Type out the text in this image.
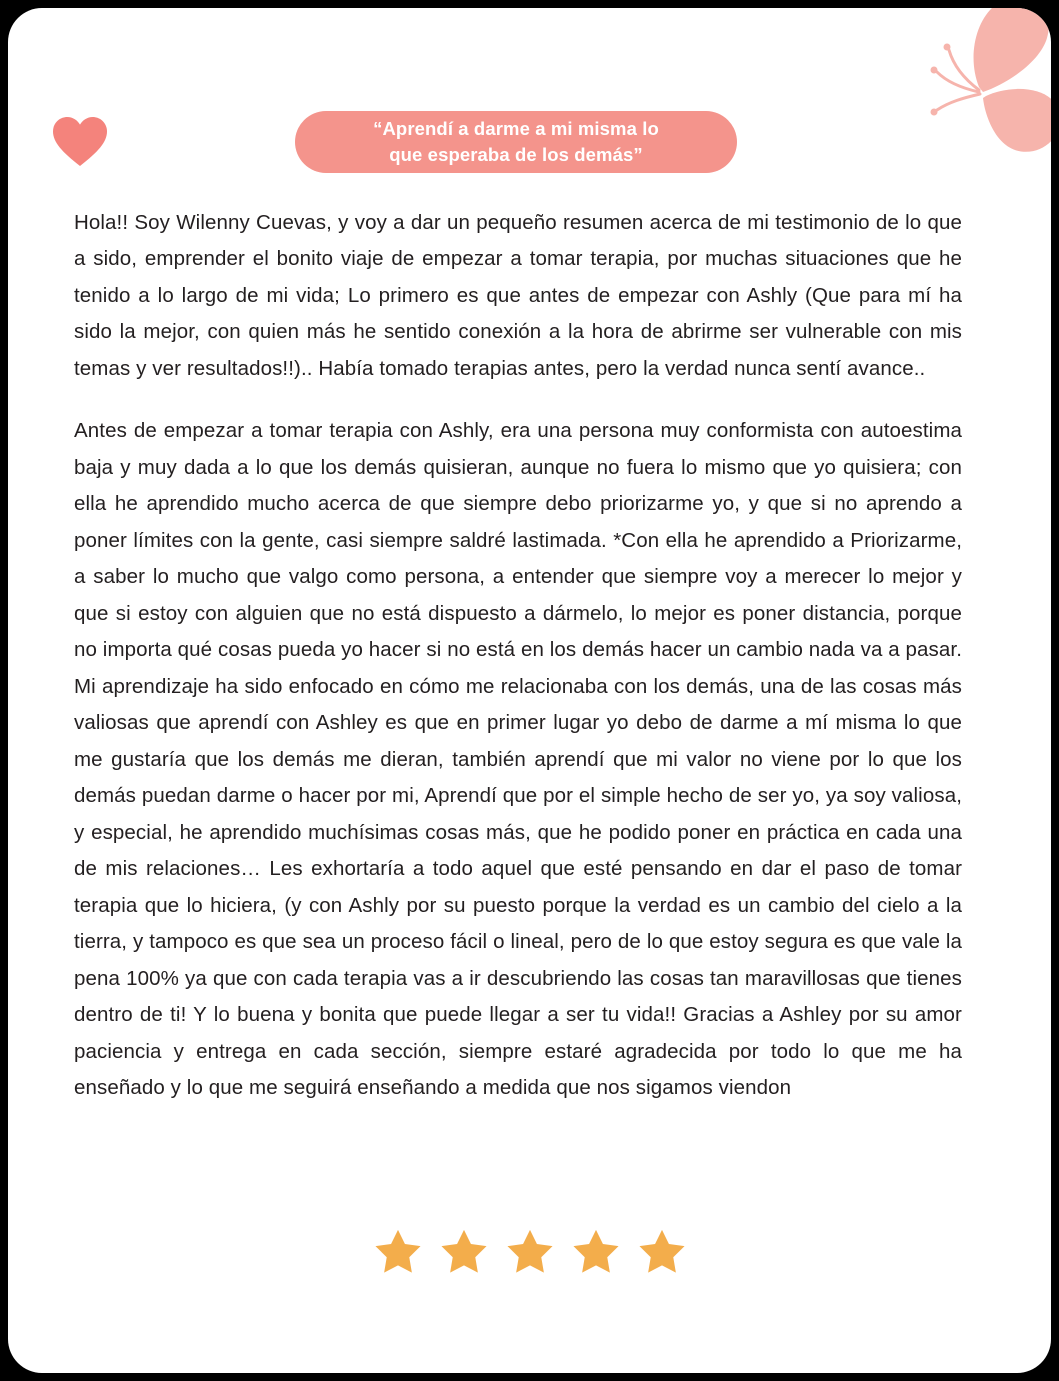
“Aprendí a darme a mi misma lo
que esperaba de los demás”

Hola!! Soy Wilenny Cuevas, y voy a dar un pequeño resumen acerca de mi testimonio de lo que a sido, emprender el bonito viaje de empezar a tomar terapia, por muchas situaciones que he tenido a lo largo de mi vida; Lo primero es que antes de empezar con Ashly (Que para mí ha sido la mejor, con quien más he sentido conexión a la hora de abrirme ser vulnerable con mis temas y ver resultados!!).. Había tomado terapias antes, pero la verdad nunca sentí avance..

Antes de empezar a tomar terapia con Ashly, era una persona muy conformista con autoestima baja y muy dada a lo que los demás quisieran, aunque no fuera lo mismo que yo quisiera; con ella he aprendido mucho acerca de que siempre debo priorizarme yo, y que si no aprendo a poner límites con la gente, casi siempre saldré lastimada. *Con ella he aprendido a Priorizarme, a saber lo mucho que valgo como persona, a entender que siempre voy a merecer lo mejor y que si estoy con alguien que no está dispuesto a dármelo, lo mejor es poner distancia, porque no importa qué cosas pueda yo hacer si no está en los demás hacer un cambio nada va a pasar. Mi aprendizaje ha sido enfocado en cómo me relacionaba con los demás, una de las cosas más valiosas que aprendí con Ashley es que en primer lugar yo debo de darme a mí misma lo que me gustaría que los demás me dieran, también aprendí que mi valor no viene por lo que los demás puedan darme o hacer por mi, Aprendí que por el simple hecho de ser yo, ya soy valiosa, y especial, he aprendido muchísimas cosas más, que he podido poner en práctica en cada una de mis relaciones… Les exhortaría a todo aquel que esté pensando en dar el paso de tomar terapia que lo hiciera, (y con Ashly por su puesto porque la verdad es un cambio del cielo a la tierra, y tampoco es que sea un proceso fácil o lineal, pero de lo que estoy segura es que vale la pena 100% ya que con cada terapia vas a ir descubriendo las cosas tan maravillosas que tienes dentro de ti! Y lo buena y bonita que puede llegar a ser tu vida!! Gracias a Ashley por su amor paciencia y entrega en cada sección, siempre estaré agradecida por todo lo que me ha enseñado y lo que me seguirá enseñando a medida que nos sigamos viendon
